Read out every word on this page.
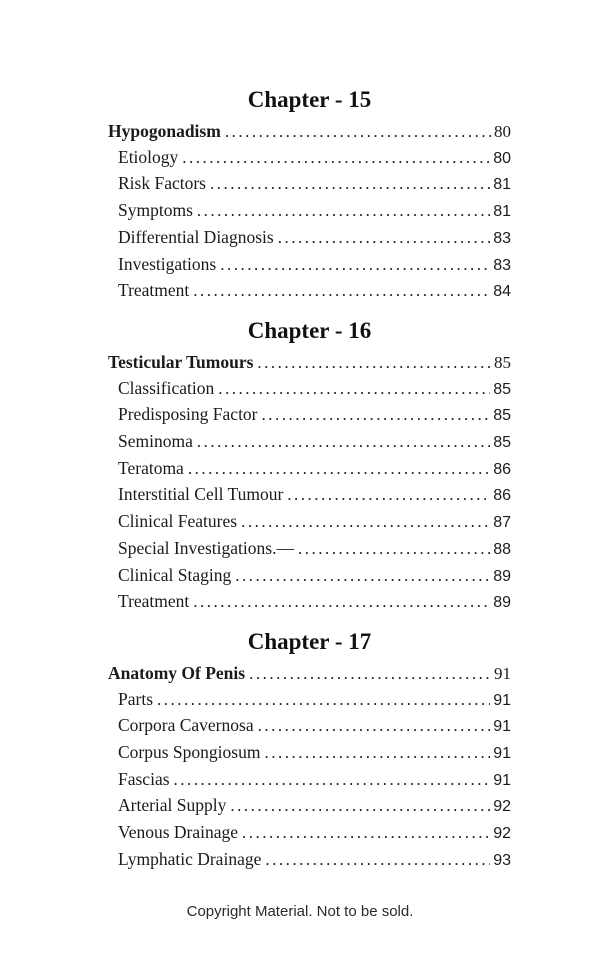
Chapter - 15
Hypogonadism .....	80
Etiology .....	80
Risk Factors .....	81
Symptoms .....	81
Differential Diagnosis .....	83
Investigations .....	83
Treatment .....	84
Chapter - 16
Testicular Tumours .....	85
Classification .....	85
Predisposing Factor .....	85
Seminoma .....	85
Teratoma .....	86
Interstitial Cell Tumour .....	86
Clinical Features .....	87
Special Investigations.— .....	88
Clinical Staging .....	89
Treatment .....	89
Chapter - 17
Anatomy Of Penis .....	91
Parts .....	91
Corpora Cavernosa .....	91
Corpus Spongiosum .....	91
Fascias .....	91
Arterial Supply .....	92
Venous Drainage .....	92
Lymphatic Drainage .....	93
Copyright Material. Not to be sold.
